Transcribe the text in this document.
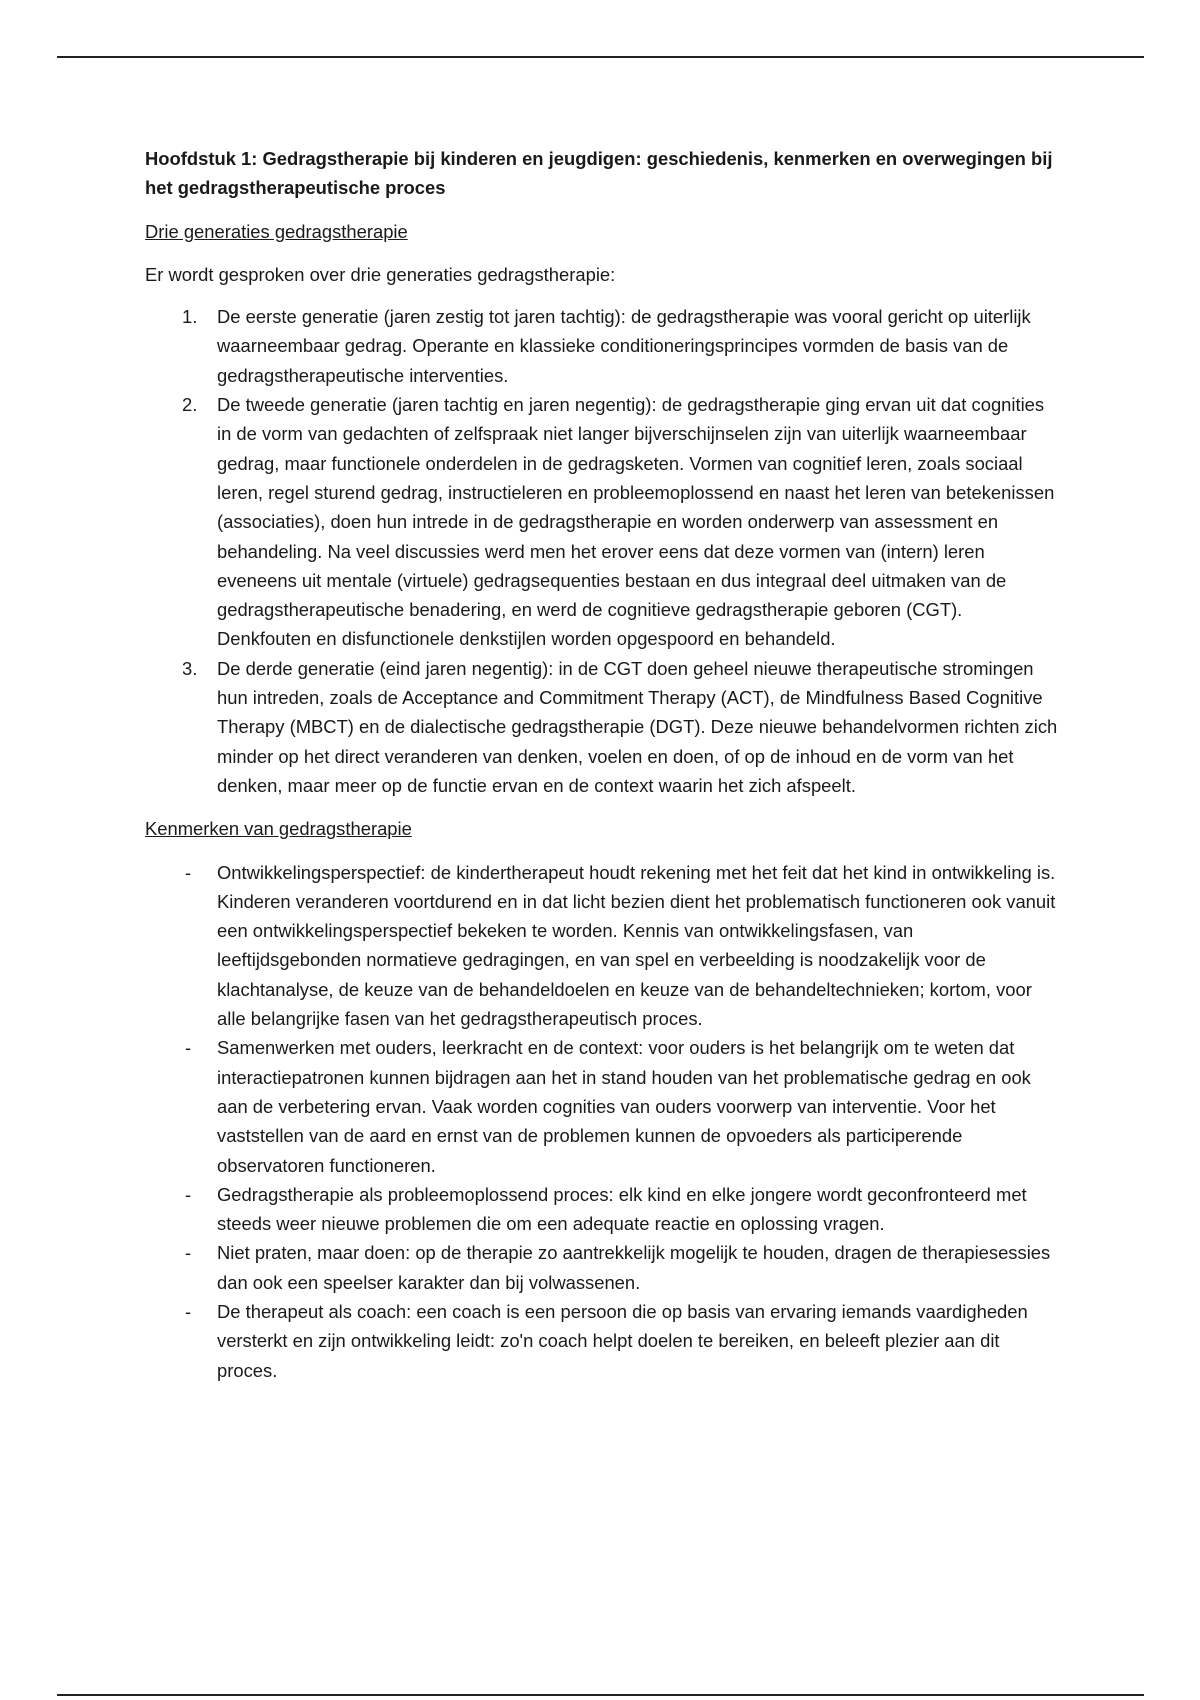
Hoofdstuk 1: Gedragstherapie bij kinderen en jeugdigen: geschiedenis, kenmerken en overwegingen bij het gedragstherapeutische proces
Drie generaties gedragstherapie
Er wordt gesproken over drie generaties gedragstherapie:
1. De eerste generatie (jaren zestig tot jaren tachtig): de gedragstherapie was vooral gericht op uiterlijk waarneembaar gedrag. Operante en klassieke conditioneringsprincipes vormden de basis van de gedragstherapeutische interventies.
2. De tweede generatie (jaren tachtig en jaren negentig): de gedragstherapie ging ervan uit dat cognities in de vorm van gedachten of zelfspraak niet langer bijverschijnselen zijn van uiterlijk waarneembaar gedrag, maar functionele onderdelen in de gedragsketen. Vormen van cognitief leren, zoals sociaal leren, regel sturend gedrag, instructieleren en probleemoplossend en naast het leren van betekenissen (associaties), doen hun intrede in de gedragstherapie en worden onderwerp van assessment en behandeling. Na veel discussies werd men het erover eens dat deze vormen van (intern) leren eveneens uit mentale (virtuele) gedragsequenties bestaan en dus integraal deel uitmaken van de gedragstherapeutische benadering, en werd de cognitieve gedragstherapie geboren (CGT). Denkfouten en disfunctionele denkstijlen worden opgespoord en behandeld.
3. De derde generatie (eind jaren negentig): in de CGT doen geheel nieuwe therapeutische stromingen hun intreden, zoals de Acceptance and Commitment Therapy (ACT), de Mindfulness Based Cognitive Therapy (MBCT) en de dialectische gedragstherapie (DGT). Deze nieuwe behandelvormen richten zich minder op het direct veranderen van denken, voelen en doen, of op de inhoud en de vorm van het denken, maar meer op de functie ervan en de context waarin het zich afspeelt.
Kenmerken van gedragstherapie
- Ontwikkelingsperspectief: de kindertherapeut houdt rekening met het feit dat het kind in ontwikkeling is. Kinderen veranderen voortdurend en in dat licht bezien dient het problematisch functioneren ook vanuit een ontwikkelingsperspectief bekeken te worden. Kennis van ontwikkelingsfasen, van leeftijdsgebonden normatieve gedragingen, en van spel en verbeelding is noodzakelijk voor de klachtanalyse, de keuze van de behandeldoelen en keuze van de behandeltechnieken; kortom, voor alle belangrijke fasen van het gedragstherapeutisch proces.
- Samenwerken met ouders, leerkracht en de context: voor ouders is het belangrijk om te weten dat interactiepatronen kunnen bijdragen aan het in stand houden van het problematische gedrag en ook aan de verbetering ervan. Vaak worden cognities van ouders voorwerp van interventie. Voor het vaststellen van de aard en ernst van de problemen kunnen de opvoeders als participerende observatoren functioneren.
- Gedragstherapie als probleemoplossend proces: elk kind en elke jongere wordt geconfronteerd met steeds weer nieuwe problemen die om een adequate reactie en oplossing vragen.
- Niet praten, maar doen: op de therapie zo aantrekkelijk mogelijk te houden, dragen de therapiesessies dan ook een speelser karakter dan bij volwassenen.
- De therapeut als coach: een coach is een persoon die op basis van ervaring iemands vaardigheden versterkt en zijn ontwikkeling leidt: zo'n coach helpt doelen te bereiken, en beleeft plezier aan dit proces.
